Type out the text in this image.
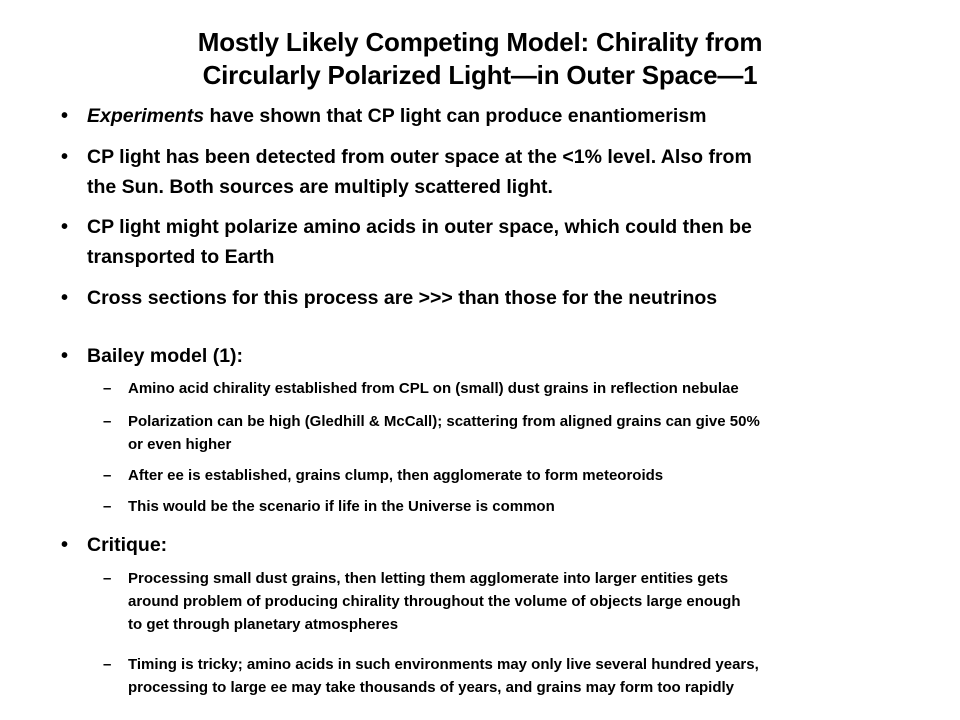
Mostly Likely Competing Model: Chirality from
Circularly Polarized Light—in Outer Space—1
• Experiments have shown that CP light can produce enantiomerism
• CP light has been detected from outer space at the <1% level. Also from
the Sun. Both sources are multiply scattered light.
• CP light might polarize amino acids in outer space, which could then be
transported to Earth
• Cross sections for this process are >>> than those for the neutrinos
• Bailey model (1):
– Amino acid chirality established from CPL on (small) dust grains in reflection nebulae
– Polarization can be high (Gledhill & McCall); scattering from aligned grains can give 50%
or even higher
– After ee is established, grains clump, then agglomerate to form meteoroids
– This would be the scenario if life in the Universe is common
• Critique:
– Processing small dust grains, then letting them agglomerate into larger entities gets
around problem of producing chirality throughout the volume of objects large enough
to get through planetary atmospheres
– Timing is tricky; amino acids in such environments may only live several hundred years,
processing to large ee may take thousands of years, and grains may form too rapidly
